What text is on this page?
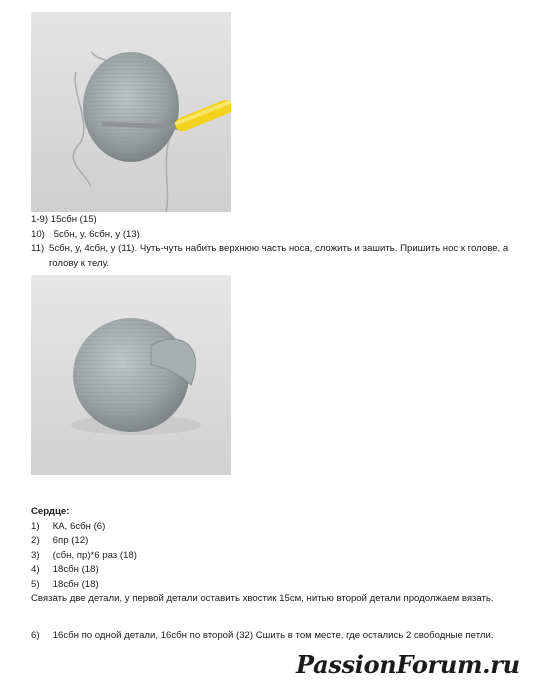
1-9) 15сбн (15)
10) 5сбн, у, 6сбн, у (13)
11) 5сбн, у, 4сбн, у (11). Чуть-чуть набить верхнюю часть носа, сложить и зашить. Пришить нос к голове, а голову к телу.
Сердце:
1) КА, 6сбн (6)
2) 6пр (12)
3) (сбн, пр)*6 раз (18)
4) 18сбн (18)
5) 18сбн (18)
Связать две детали, у первой детали оставить хвостик 15см, нитью второй детали продолжаем вязать.
6) 16сбн по одной детали, 16сбн по второй (32) Сшить в том месте, где остались 2 свободные петли.
PassionForum.ru
